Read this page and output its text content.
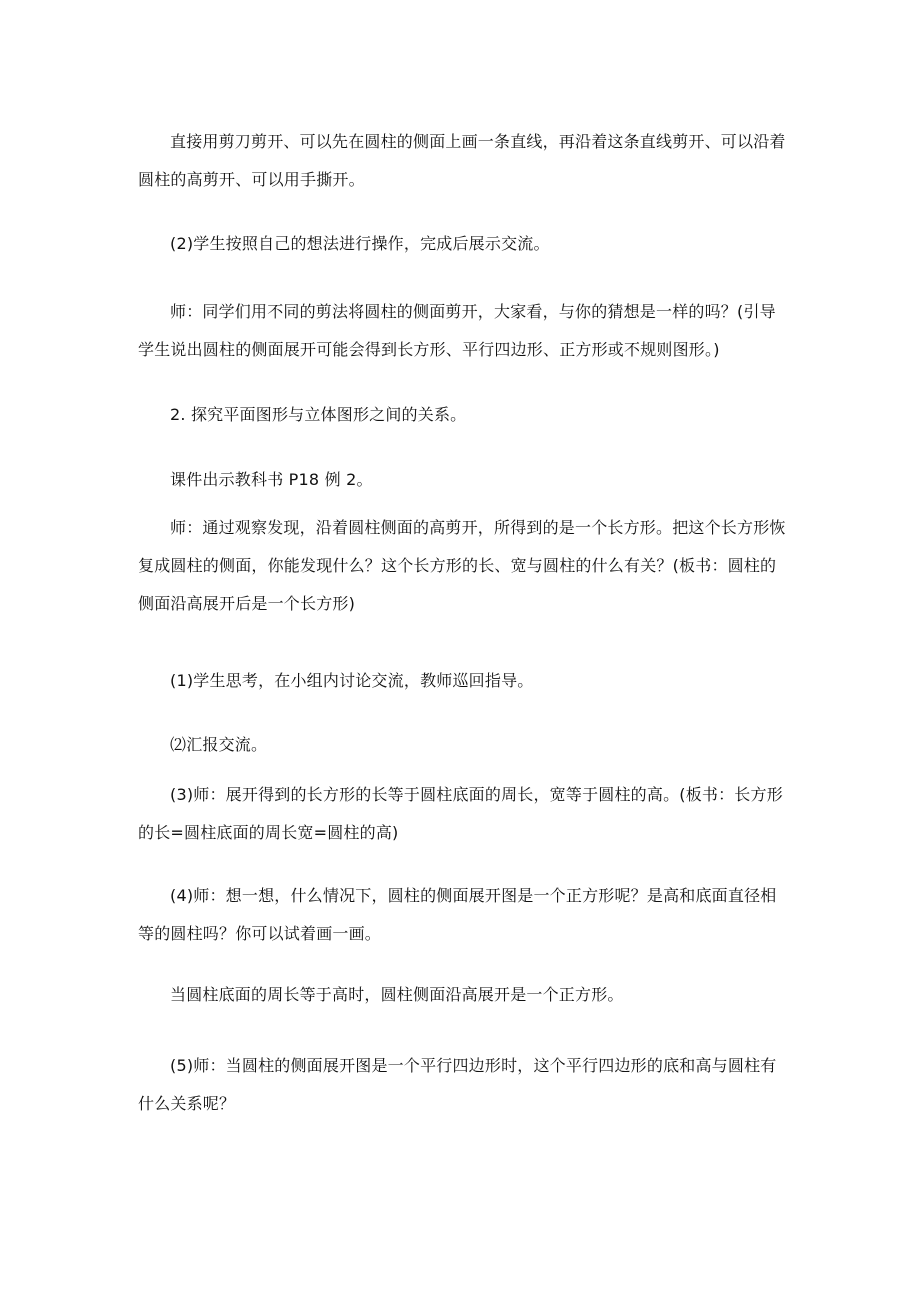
直接用剪刀剪开、可以先在圆柱的侧面上画一条直线，再沿着这条直线剪开、可以沿着圆柱的高剪开、可以用手撕开。

(2)学生按照自己的想法进行操作，完成后展示交流。

师：同学们用不同的剪法将圆柱的侧面剪开，大家看，与你的猜想是一样的吗？(引导学生说出圆柱的侧面展开可能会得到长方形、平行四边形、正方形或不规则图形。)

2. 探究平面图形与立体图形之间的关系。

课件出示教科书 P18 例 2。

师：通过观察发现，沿着圆柱侧面的高剪开，所得到的是一个长方形。把这个长方形恢复成圆柱的侧面，你能发现什么？这个长方形的长、宽与圆柱的什么有关？(板书：圆柱的侧面沿高展开后是一个长方形)

(1)学生思考，在小组内讨论交流，教师巡回指导。

⑵汇报交流。

(3)师：展开得到的长方形的长等于圆柱底面的周长，宽等于圆柱的高。(板书：长方形的长=圆柱底面的周长宽=圆柱的高)

(4)师：想一想，什么情况下，圆柱的侧面展开图是一个正方形呢？是高和底面直径相等的圆柱吗？你可以试着画一画。

当圆柱底面的周长等于高时，圆柱侧面沿高展开是一个正方形。

(5)师：当圆柱的侧面展开图是一个平行四边形时，这个平行四边形的底和高与圆柱有什么关系呢？
